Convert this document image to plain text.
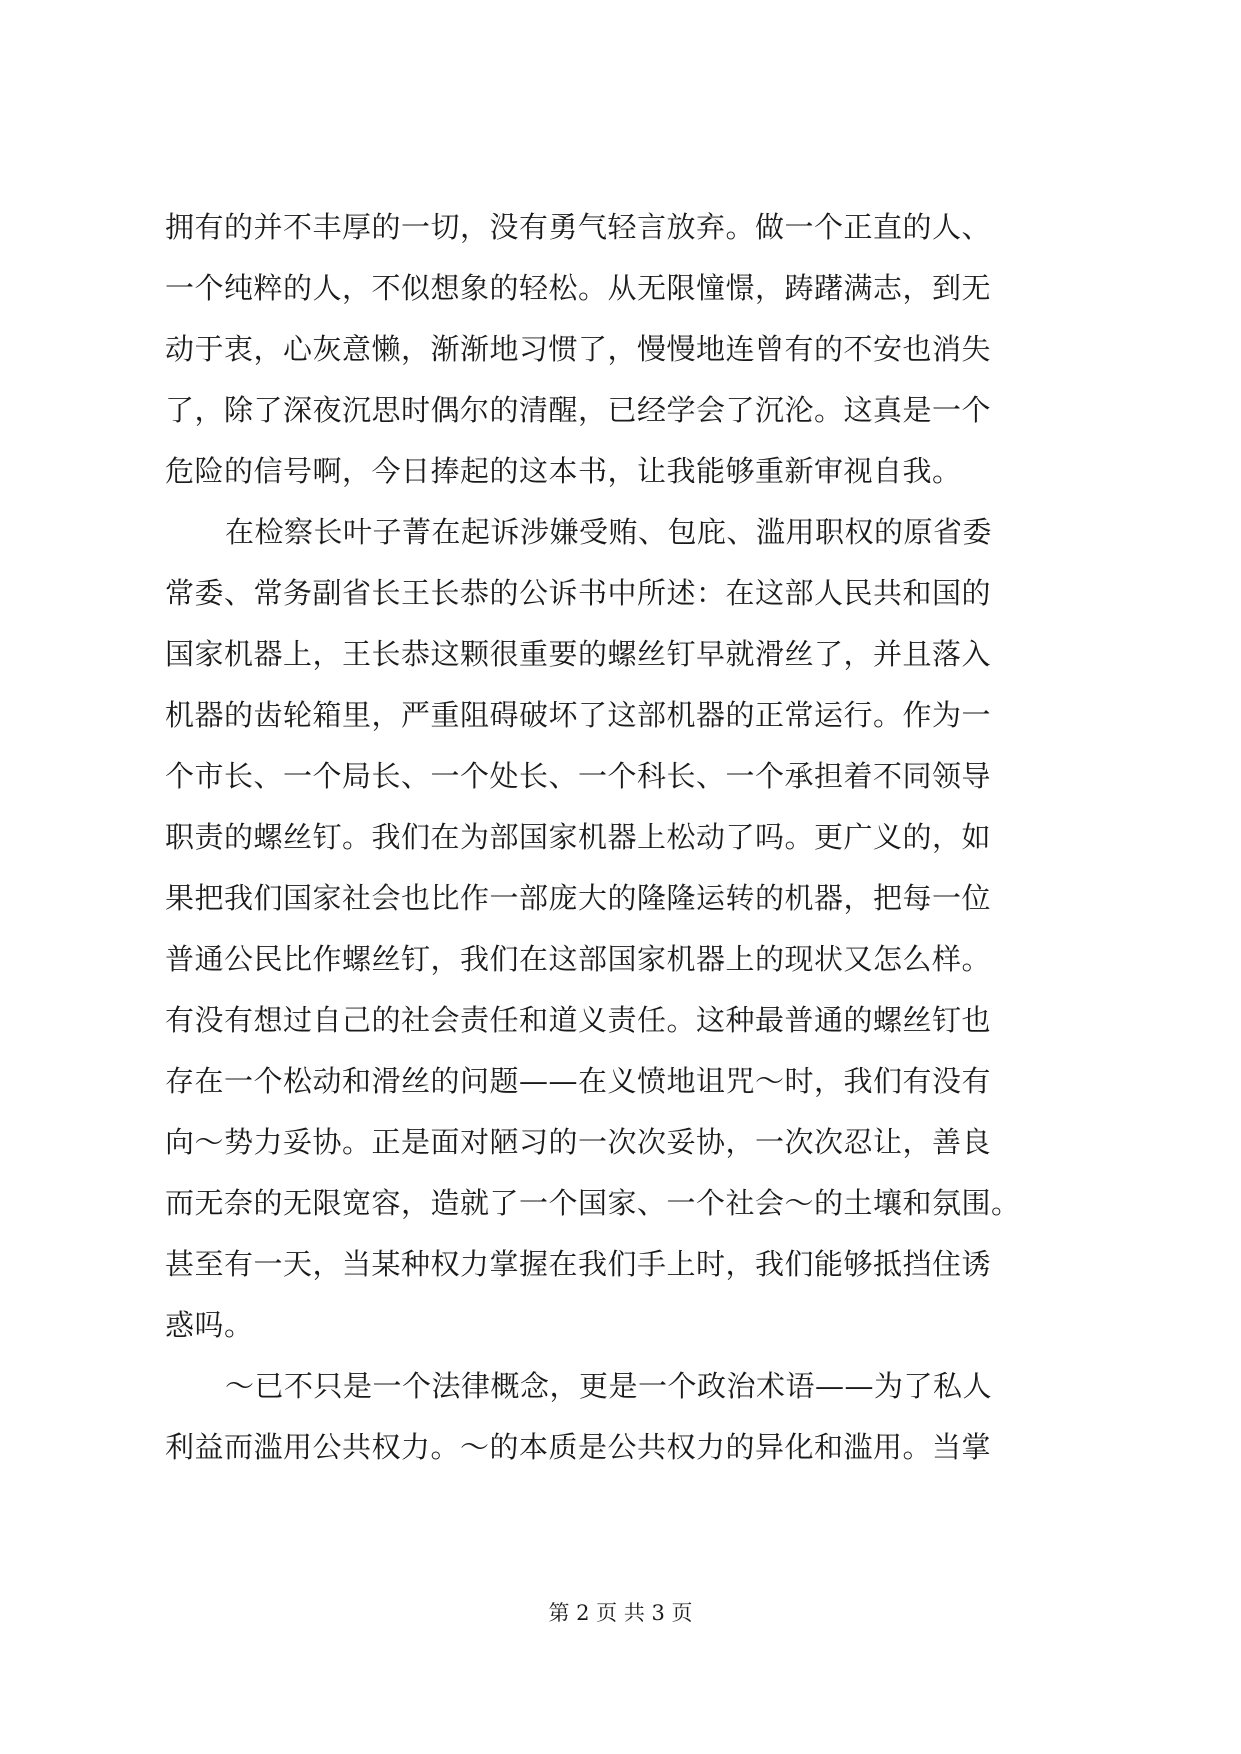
拥有的并不丰厚的一切，没有勇气轻言放弃。做一个正直的人、
一个纯粹的人，不似想象的轻松。从无限憧憬，踌躇满志，到无
动于衷，心灰意懒，渐渐地习惯了，慢慢地连曾有的不安也消失
了，除了深夜沉思时偶尔的清醒，已经学会了沉沦。这真是一个
危险的信号啊，今日捧起的这本书，让我能够重新审视自我。
在检察长叶子菁在起诉涉嫌受贿、包庇、滥用职权的原省委
常委、常务副省长王长恭的公诉书中所述：在这部人民共和国的
国家机器上，王长恭这颗很重要的螺丝钉早就滑丝了，并且落入
机器的齿轮箱里，严重阻碍破坏了这部机器的正常运行。作为一
个市长、一个局长、一个处长、一个科长、一个承担着不同领导
职责的螺丝钉。我们在为部国家机器上松动了吗。更广义的，如
果把我们国家社会也比作一部庞大的隆隆运转的机器，把每一位
普通公民比作螺丝钉，我们在这部国家机器上的现状又怎么样。
有没有想过自己的社会责任和道义责任。这种最普通的螺丝钉也
存在一个松动和滑丝的问题——在义愤地诅咒～时，我们有没有
向～势力妥协。正是面对陋习的一次次妥协，一次次忍让，善良
而无奈的无限宽容，造就了一个国家、一个社会～的土壤和氛围。
甚至有一天，当某种权力掌握在我们手上时，我们能够抵挡住诱
惑吗。
～已不只是一个法律概念，更是一个政治术语——为了私人
利益而滥用公共权力。～的本质是公共权力的异化和滥用。当掌
第 2 页 共 3 页
